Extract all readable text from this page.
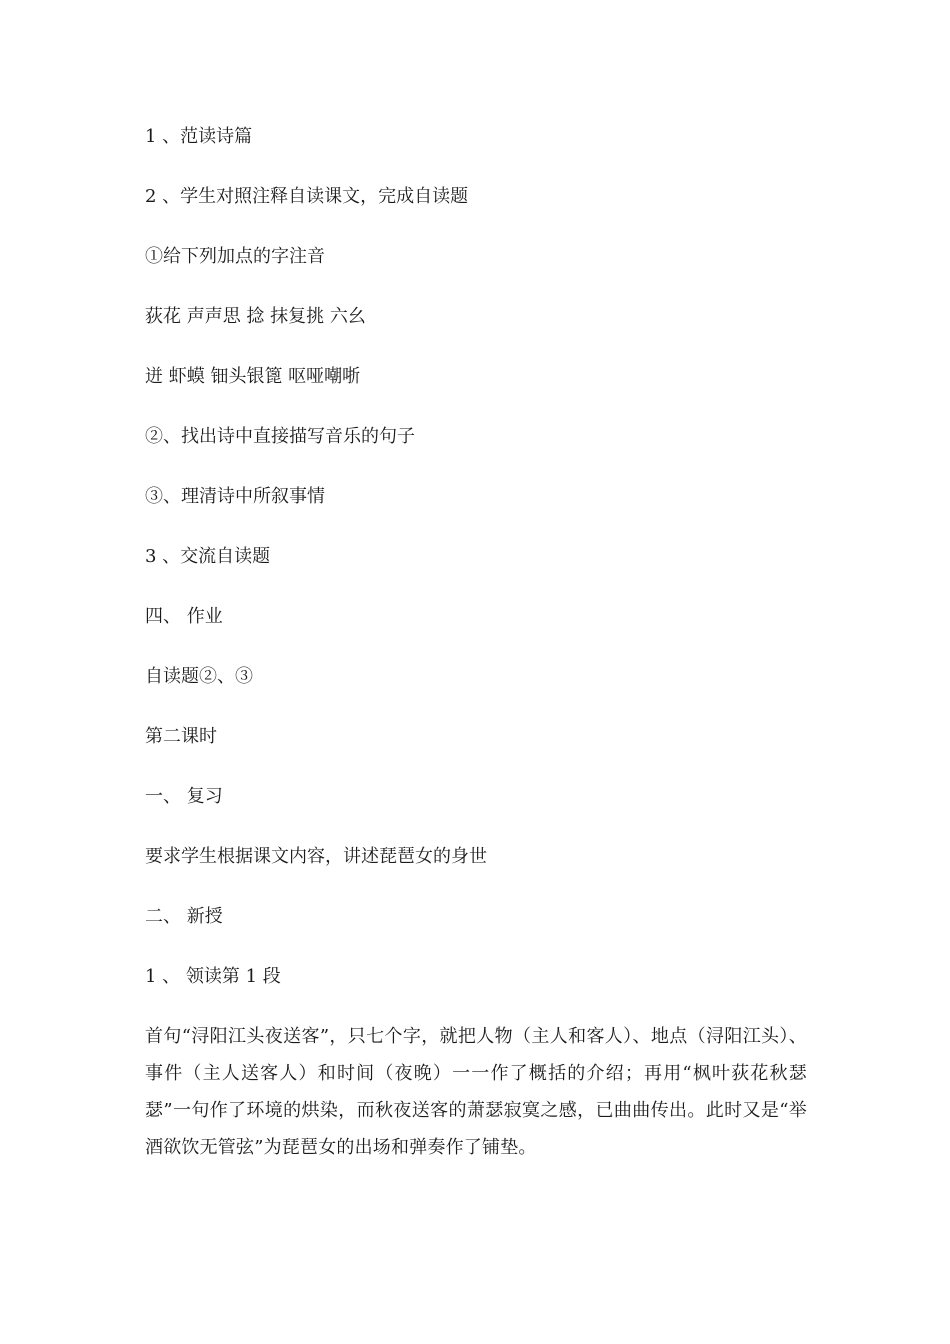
1 、范读诗篇

2 、学生对照注释自读课文，完成自读题

①给下列加点的字注音

荻花 声声思 捻 抹复挑 六幺

迸 虾蟆 钿头银篦 呕哑嘲哳

②、找出诗中直接描写音乐的句子

③、理清诗中所叙事情

3 、交流自读题

四、 作业

自读题②、③

第二课时

一、 复习

要求学生根据课文内容，讲述琵琶女的身世

二、 新授

1 、 领读第 1 段

首句“浔阳江头夜送客”，只七个字，就把人物（主人和客人）、地点（浔阳江头）、事件（主人送客人）和时间（夜晚）一一作了概括的介绍；再用“枫叶荻花秋瑟瑟”一句作了环境的烘染，而秋夜送客的萧瑟寂寞之感，已曲曲传出。此时又是“举酒欲饮无管弦”为琵琶女的出场和弹奏作了铺垫。
